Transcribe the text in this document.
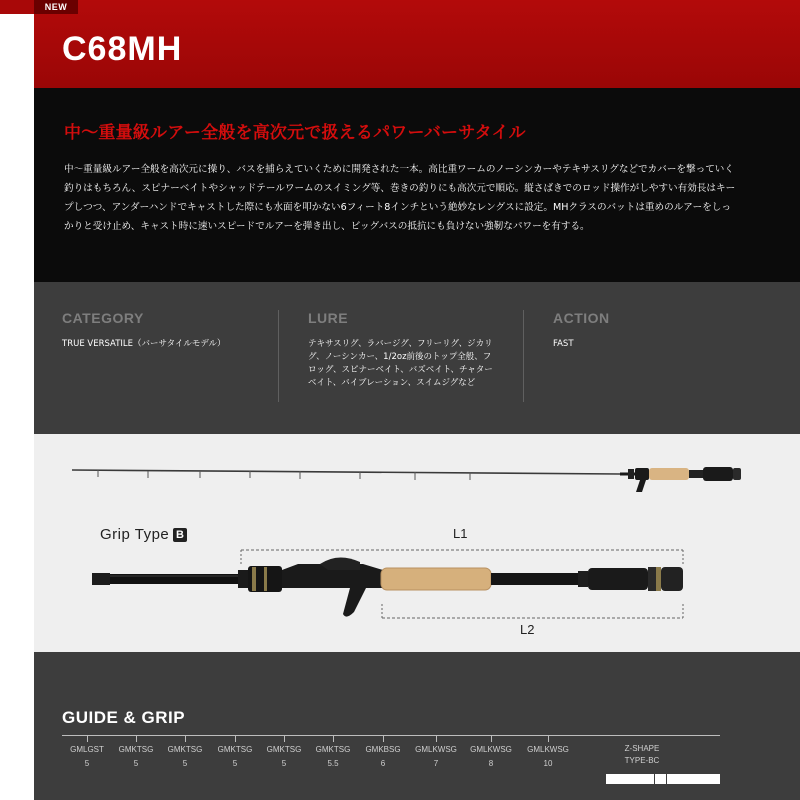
NEW
C68MH
中〜重量級ルアー全般を高次元で扱えるパワーバーサタイル
中〜重量級ルアー全般を高次元に操り、バスを捕らえていくために開発された一本。高比重ワームのノーシンカーやテキサスリグなどでカバーを撃っていく釣りはもちろん、スピナーベイトやシャッドテールワームのスイミング等、巻きの釣りにも高次元で順応。縦さばきでのロッド操作がしやすい有効長はキープしつつ、アンダーハンドでキャストした際にも水面を叩かない6フィート8インチという絶妙なレングスに設定。MHクラスのバットは重めのルアーをしっかりと受け止め、キャスト時に速いスピードでルアーを弾き出し、ビッグバスの抵抗にも負けない強靭なパワーを有する。
CATEGORY
TRUE VERSATILE（バーサタイルモデル）
LURE
テキサスリグ、ラバージグ、フリーリグ、ジカリグ、ノーシンカー、1/2oz前後のトップ全般、フロッグ、スピナーベイト、バズベイト、チャターベイト、バイブレーション、スイムジグなど
ACTION
FAST
Grip Type B	L1
L2
GUIDE & GRIP
GMLGST
5
GMKTSG
5
GMKTSG
5
GMKTSG
5
GMKTSG
5
GMKTSG
5.5
GMKBSG
6
GMLKWSG
7
GMLKWSG
8
GMLKWSG
10
Z-SHAPE
TYPE-BC
